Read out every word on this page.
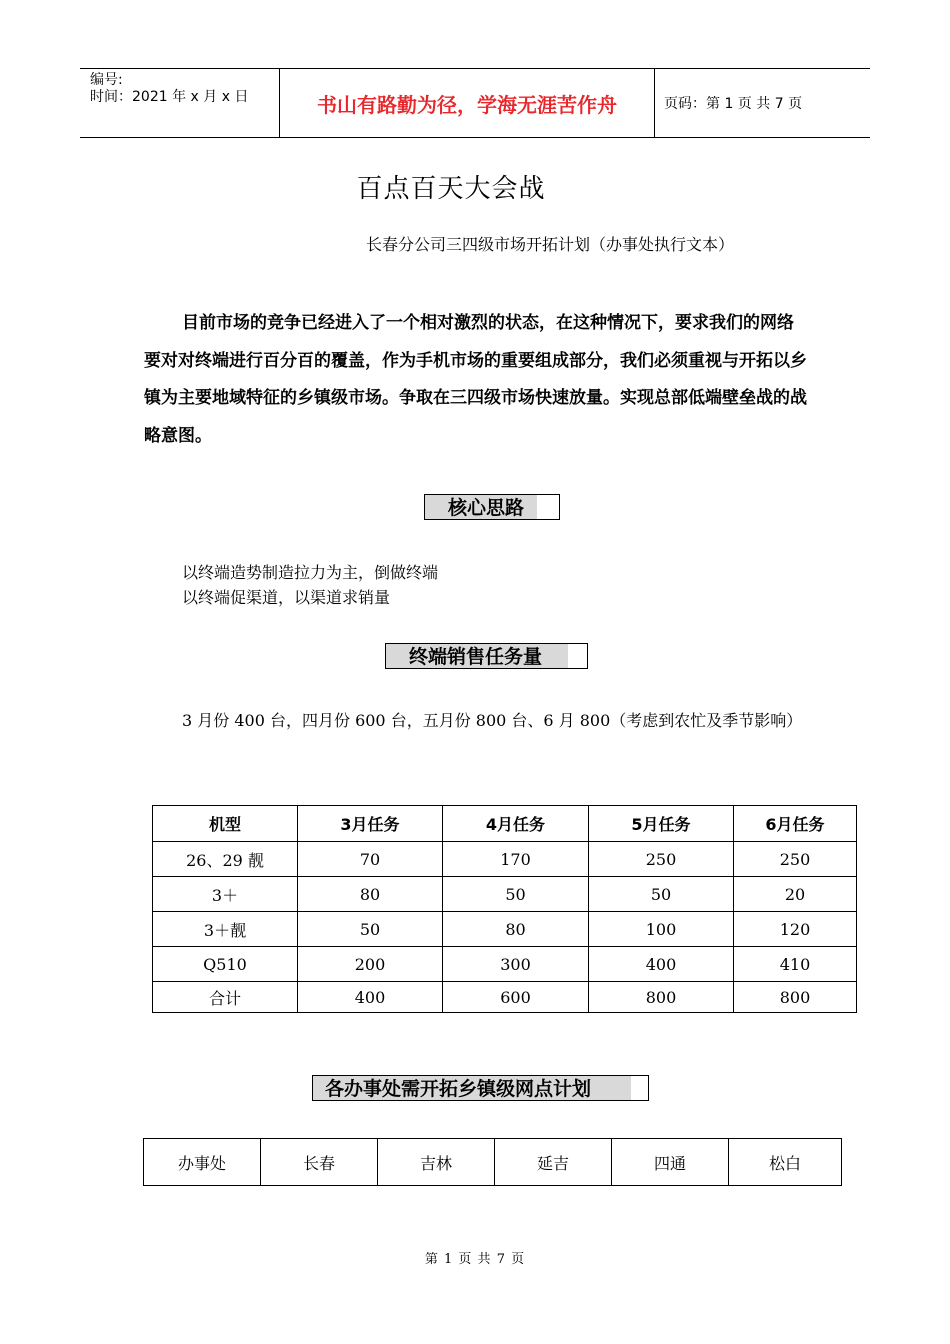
编号:
时间：2021 年 x 月 x 日	书山有路勤为径，学海无涯苦作舟	页码：第 1 页 共 7 页
百点百天大会战
长春分公司三四级市场开拓计划（办事处执行文本）
目前市场的竞争已经进入了一个相对激烈的状态，在这种情况下，要求我们的网络要对对终端进行百分百的覆盖，作为手机市场的重要组成部分，我们必须重视与开拓以乡镇为主要地域特征的乡镇级市场。争取在三四级市场快速放量。实现总部低端壁垒战的战略意图。
核心思路
以终端造势制造拉力为主，倒做终端
以终端促渠道，以渠道求销量
终端销售任务量
3 月份 400 台，四月份 600 台，五月份 800 台、6 月 800（考虑到农忙及季节影响）
机型	3月任务	4月任务	5月任务	6月任务
26、29 靓	70	170	250	250
3＋	80	50	50	20
3＋靓	50	80	100	120
Q510	200	300	400	410
合计	400	600	800	800
各办事处需开拓乡镇级网点计划
办事处	长春	吉林	延吉	四通	松白
第 1 页 共 7 页
